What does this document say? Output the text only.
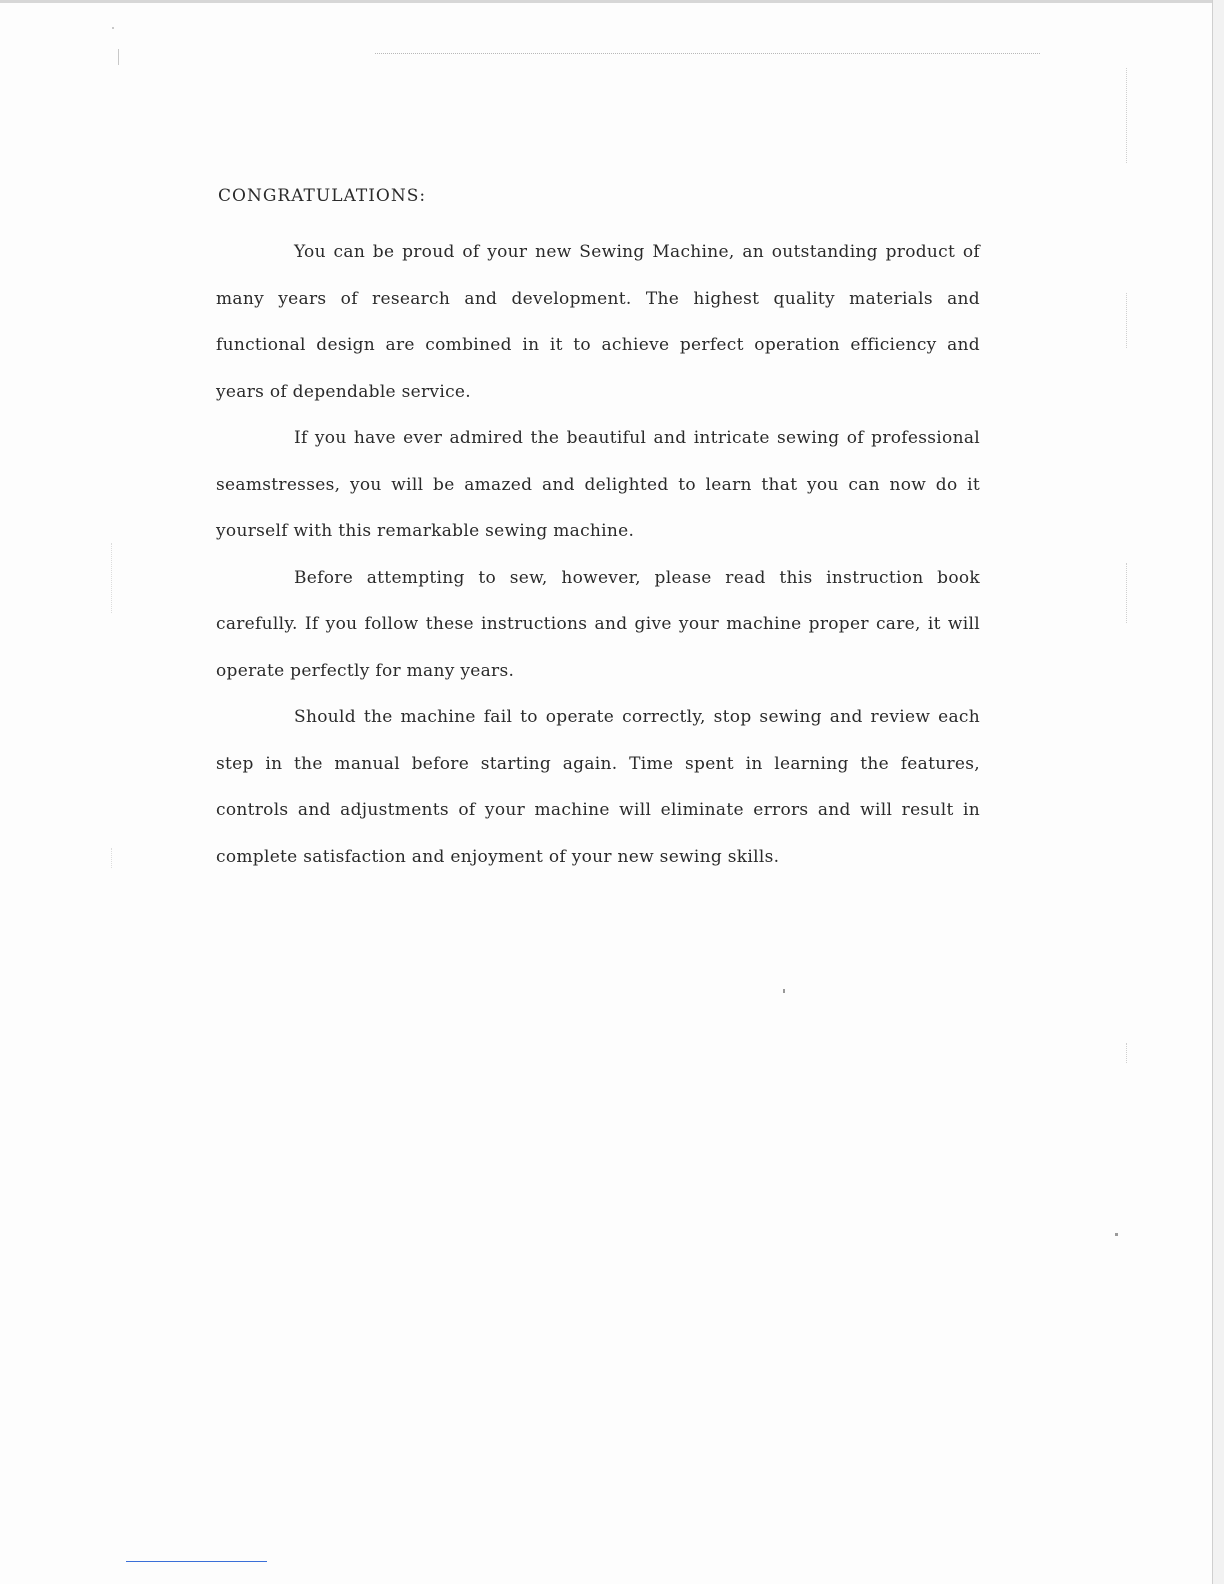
CONGRATULATIONS:

You can be proud of your new Sewing Machine, an outstanding product of many years of research and development. The highest quality materials and functional design are combined in it to achieve perfect operation efficiency and years of dependable service.

If you have ever admired the beautiful and intricate sewing of professional seamstresses, you will be amazed and delighted to learn that you can now do it yourself with this remarkable sewing machine.

Before attempting to sew, however, please read this instruction book carefully. If you follow these instructions and give your machine proper care, it will operate perfectly for many years.

Should the machine fail to operate correctly, stop sewing and review each step in the manual before starting again. Time spent in learning the features, controls and adjustments of your machine will eliminate errors and will result in complete satisfaction and enjoyment of your new sewing skills.
